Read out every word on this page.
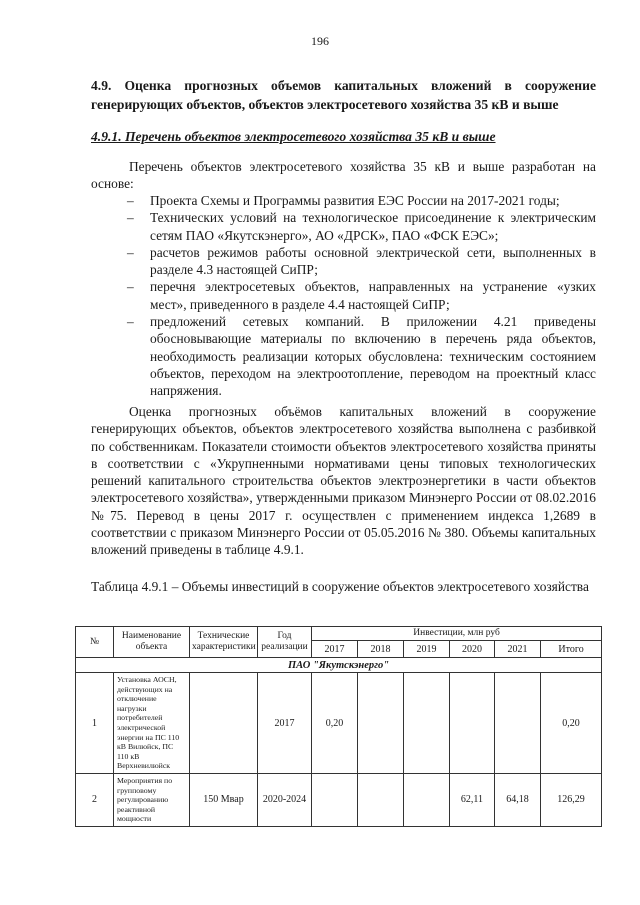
196
4.9. Оценка прогнозных объемов капитальных вложений в сооружение генерирующих объектов, объектов электросетевого хозяйства 35 кВ и выше
4.9.1. Перечень объектов электросетевого хозяйства 35 кВ и выше
Перечень объектов электросетевого хозяйства 35 кВ и выше разработан на основе:
– Проекта Схемы и Программы развития ЕЭС России на 2017-2021 годы;
– Технических условий на технологическое присоединение к электрическим сетям ПАО «Якутскэнерго», АО «ДРСК», ПАО «ФСК ЕЭС»;
– расчетов режимов работы основной электрической сети, выполненных в разделе 4.3 настоящей СиПР;
– перечня электросетевых объектов, направленных на устранение «узких мест», приведенного в разделе 4.4 настоящей СиПР;
– предложений сетевых компаний. В приложении 4.21 приведены обосновывающие материалы по включению в перечень ряда объектов, необходимость реализации которых обусловлена: техническим состоянием объектов, переходом на электроотопление, переводом на проектный класс напряжения.
Оценка прогнозных объёмов капитальных вложений в сооружение генерирующих объектов, объектов электросетевого хозяйства выполнена с разбивкой по собственникам. Показатели стоимости объектов электросетевого хозяйства приняты в соответствии с «Укрупненными нормативами цены типовых технологических решений капитального строительства объектов электроэнергетики в части объектов электросетевого хозяйства», утвержденными приказом Минэнерго России от 08.02.2016 №75. Перевод в цены 2017 г. осуществлен с применением индекса 1,2689 в соответствии с приказом Минэнерго России от 05.05.2016 № 380. Объемы капитальных вложений приведены в таблице 4.9.1.
Таблица 4.9.1 – Объемы инвестиций в сооружение объектов электросетевого хозяйства
№	Наименование объекта	Технические характеристики	Год реализации	Инвестиции, млн руб					
				2017	2018	2019	2020	2021	Итого
ПАО "Якутскэнерго"									
1	Установка АОСН, действующих на отключение нагрузки потребителей электрической энергии на ПС 110 кВ Вилюйск, ПС 110 кВ Верхневилюйск		2017	0,20					0,20
2	Мероприятия по групповому регулированию реактивной мощности	150 Мвар	2020-2024				62,11	64,18	126,29
